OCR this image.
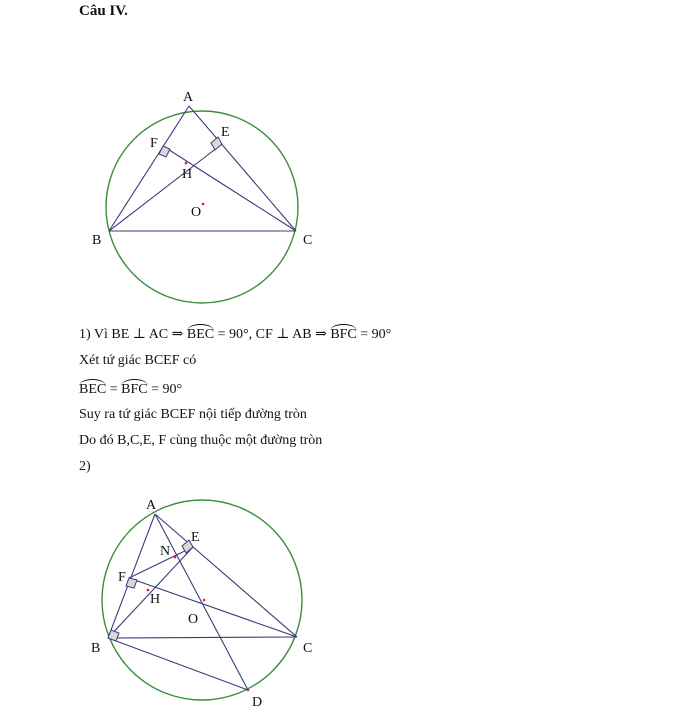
Câu IV.
A
B	C
E
F
H
O
A
B	C
D
E
F
H
N
O
1) Vì BE ⊥ AC ⇒ BEC = 90°, CF ⊥ AB ⇒ BFC = 90°
Xét tứ giác BCEF có
BEC = BFC = 90°
Suy ra tứ giác BCEF nội tiếp đường tròn
Do đó B,C,E, F cùng thuộc một đường tròn
2)
